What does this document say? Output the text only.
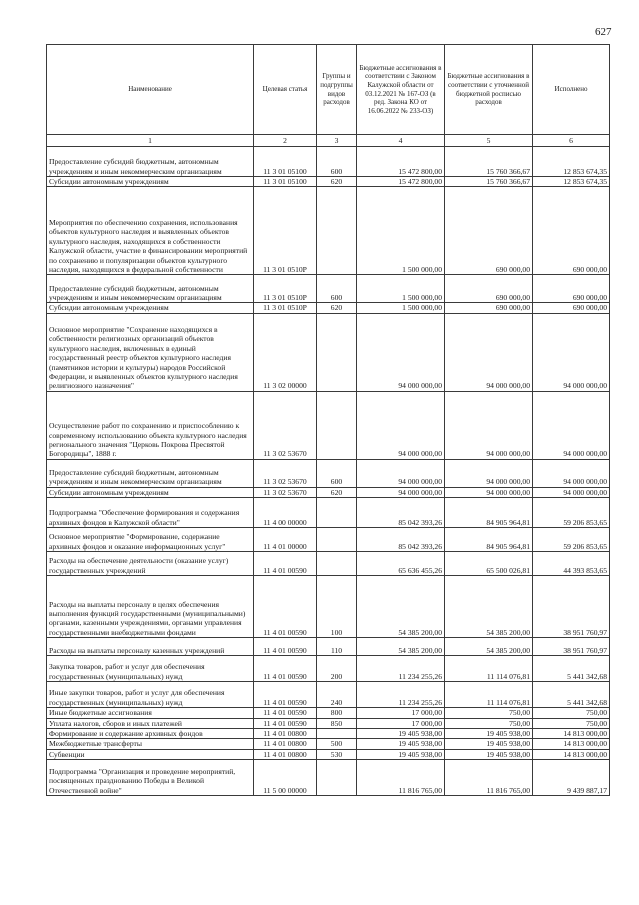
627
Наименование	Целевая статья	Группы и подгруппы видов расходов	Бюджетные ассигнования в соответствии с Законом Калужской области от 03.12.2021 № 167-ОЗ (в ред. Закона КО от 16.06.2022 № 233-ОЗ)	Бюджетные ассигнования в соответствии с уточненной бюджетной росписью расходов	Исполнено
1	2	3	4	5	6
Предоставление субсидий бюджетным, автономным учреждениям и иным некоммерческим организациям	11 3 01 05100	600	15 472 800,00	15 760 366,67	12 853 674,35
Субсидии автономным учреждениям	11 3 01 05100	620	15 472 800,00	15 760 366,67	12 853 674,35
Мероприятия по обеспечению сохранения, использования объектов культурного наследия и выявленных объектов культурного наследия, находящихся в собственности Калужской области, участие в финансировании мероприятий по сохранению и популяризации объектов культурного наследия, находящихся в федеральной собственности	11 3 01 0510P		1 500 000,00	690 000,00	690 000,00
Предоставление субсидий бюджетным, автономным учреждениям и иным некоммерческим организациям	11 3 01 0510P	600	1 500 000,00	690 000,00	690 000,00
Субсидии автономным учреждениям	11 3 01 0510P	620	1 500 000,00	690 000,00	690 000,00
Основное мероприятие "Сохранение находящихся в собственности религиозных организаций объектов культурного наследия, включенных в единый государственный реестр объектов культурного наследия (памятников истории и культуры) народов Российской Федерации, и выявленных объектов культурного наследия религиозного назначения"	11 3 02 00000		94 000 000,00	94 000 000,00	94 000 000,00
Осуществление работ по сохранению и приспособлению к современному использованию объекта культурного наследия регионального значения "Церковь Покрова Пресвятой Богородицы", 1888 г.	11 3 02 53670		94 000 000,00	94 000 000,00	94 000 000,00
Предоставление субсидий бюджетным, автономным учреждениям и иным некоммерческим организациям	11 3 02 53670	600	94 000 000,00	94 000 000,00	94 000 000,00
Субсидии автономным учреждениям	11 3 02 53670	620	94 000 000,00	94 000 000,00	94 000 000,00
Подпрограмма "Обеспечение формирования и содержания архивных фондов в Калужской области"	11 4 00 00000		85 042 393,26	84 905 964,81	59 206 853,65
Основное мероприятие "Формирование, содержание архивных фондов и оказание информационных услуг"	11 4 01 00000		85 042 393,26	84 905 964,81	59 206 853,65
Расходы на обеспечение деятельности (оказание услуг) государственных учреждений	11 4 01 00590		65 636 455,26	65 500 026,81	44 393 853,65
Расходы на выплаты персоналу в целях обеспечения выполнения функций государственными (муниципальными) органами, казенными учреждениями, органами управления государственными внебюджетными фондами	11 4 01 00590	100	54 385 200,00	54 385 200,00	38 951 760,97
Расходы на выплаты персоналу казенных учреждений	11 4 01 00590	110	54 385 200,00	54 385 200,00	38 951 760,97
Закупка товаров, работ и услуг для обеспечения государственных (муниципальных) нужд	11 4 01 00590	200	11 234 255,26	11 114 076,81	5 441 342,68
Иные закупки товаров, работ и услуг для обеспечения государственных (муниципальных) нужд	11 4 01 00590	240	11 234 255,26	11 114 076,81	5 441 342,68
Иные бюджетные ассигнования	11 4 01 00590	800	17 000,00	750,00	750,00
Уплата налогов, сборов и иных платежей	11 4 01 00590	850	17 000,00	750,00	750,00
Формирование и содержание архивных фондов	11 4 01 00800		19 405 938,00	19 405 938,00	14 813 000,00
Межбюджетные трансферты	11 4 01 00800	500	19 405 938,00	19 405 938,00	14 813 000,00
Субвенции	11 4 01 00800	530	19 405 938,00	19 405 938,00	14 813 000,00
Подпрограмма "Организация и проведение мероприятий, посвященных празднованию Победы в Великой Отечественной войне"	11 5 00 00000		11 816 765,00	11 816 765,00	9 439 887,17
